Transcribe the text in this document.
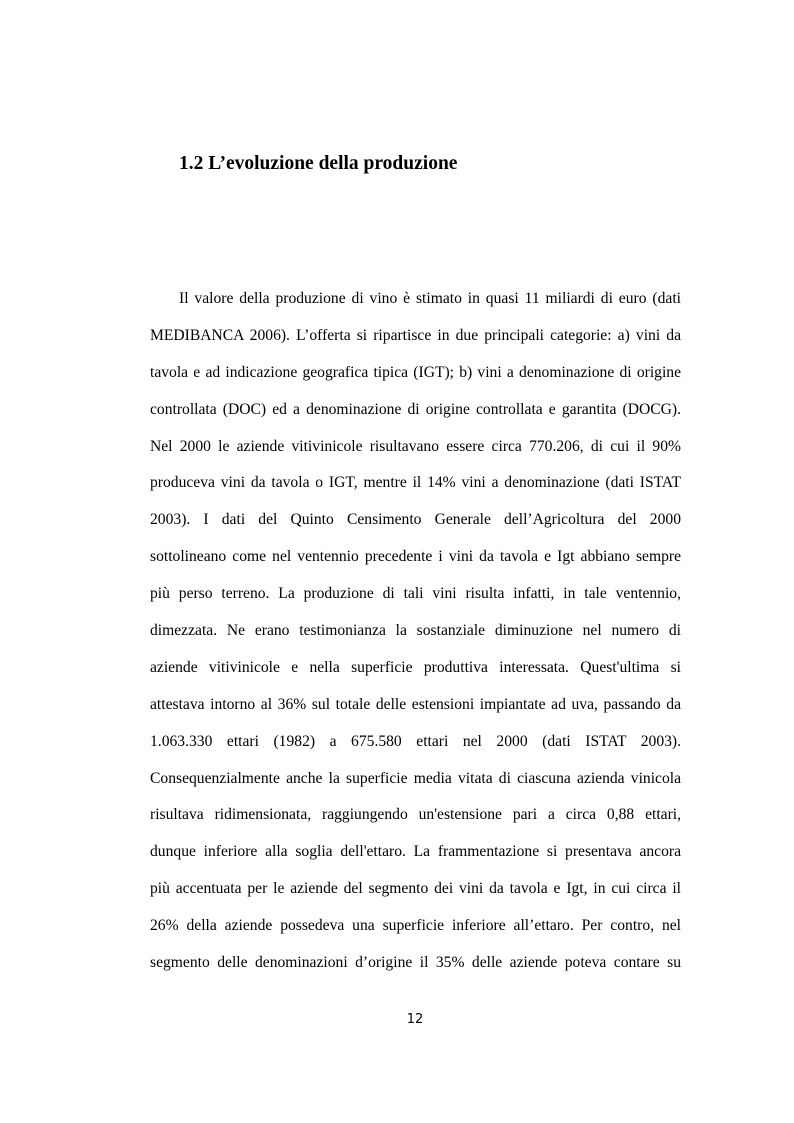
1.2 L’evoluzione della produzione
Il valore della produzione di vino è stimato in quasi 11 miliardi di euro (dati
MEDIBANCA 2006). L’offerta si ripartisce in due principali categorie: a) vini da
tavola e ad indicazione geografica tipica (IGT); b) vini a denominazione di origine
controllata (DOC) ed a denominazione di origine controllata e garantita (DOCG).
Nel 2000 le aziende vitivinicole risultavano essere circa 770.206, di cui il 90%
produceva vini da tavola o IGT, mentre il 14% vini a denominazione (dati ISTAT
2003). I dati del Quinto Censimento Generale dell’Agricoltura del 2000
sottolineano come nel ventennio precedente i vini da tavola e Igt abbiano sempre
più perso terreno. La produzione di tali vini risulta infatti, in tale ventennio,
dimezzata. Ne erano testimonianza la sostanziale diminuzione nel numero di
aziende vitivinicole e nella superficie produttiva interessata. Quest'ultima si
attestava intorno al 36% sul totale delle estensioni impiantate ad uva, passando da
1.063.330 ettari (1982) a 675.580 ettari nel 2000 (dati ISTAT 2003).
Consequenzialmente anche la superficie media vitata di ciascuna azienda vinicola
risultava ridimensionata, raggiungendo un'estensione pari a circa 0,88 ettari,
dunque inferiore alla soglia dell'ettaro. La frammentazione si presentava ancora
più accentuata per le aziende del segmento dei vini da tavola e Igt, in cui circa il
26% della aziende possedeva una superficie inferiore all’ettaro. Per contro, nel
segmento delle denominazioni d’origine il 35% delle aziende poteva contare su
12
